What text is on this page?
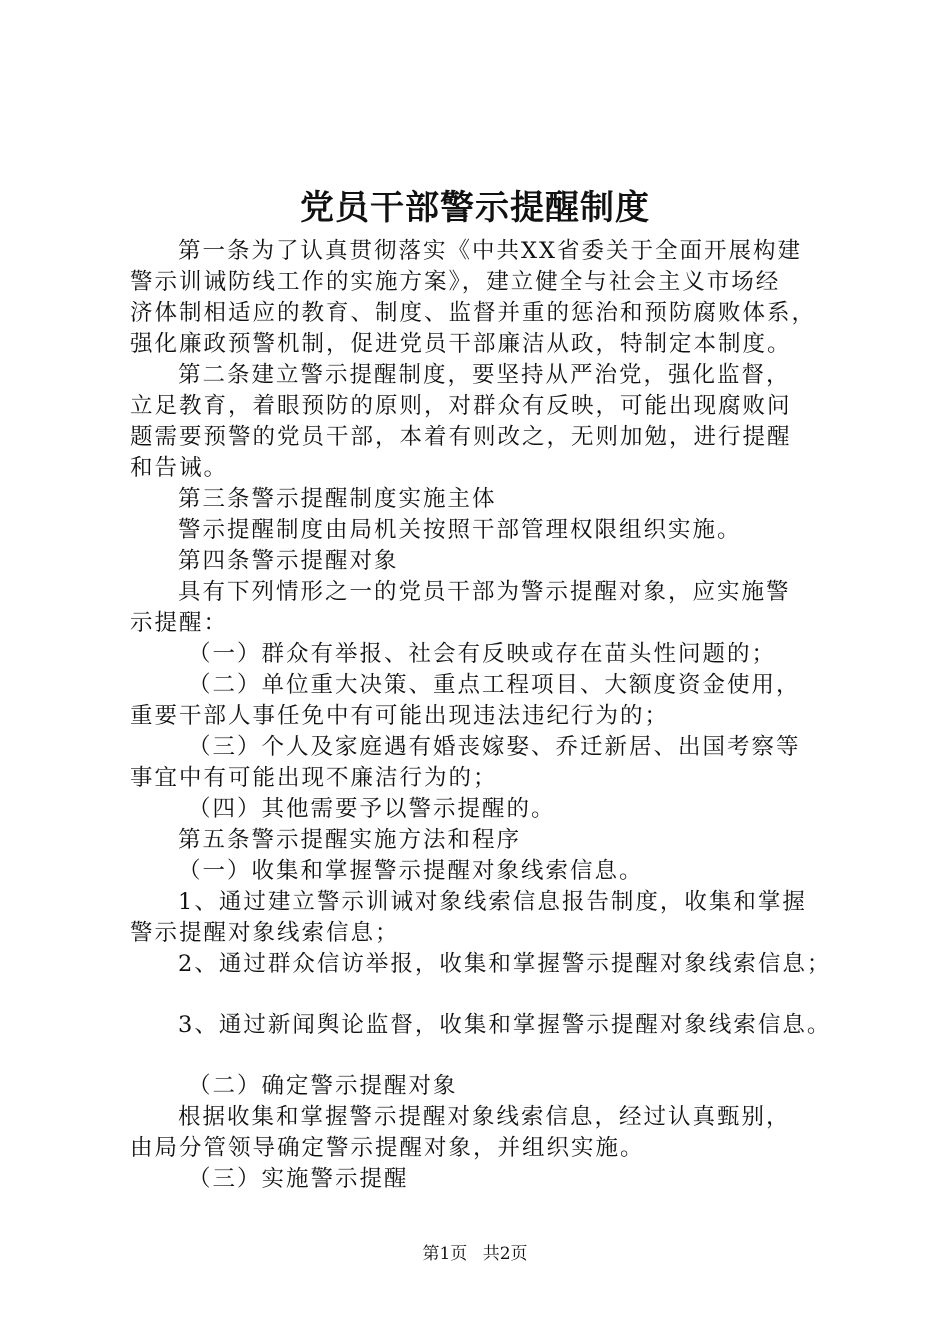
党员干部警示提醒制度
第一条为了认真贯彻落实《中共XX省委关于全面开展构建
警示训诫防线工作的实施方案》，建立健全与社会主义市场经
济体制相适应的教育、制度、监督并重的惩治和预防腐败体系，
强化廉政预警机制，促进党员干部廉洁从政，特制定本制度。
第二条建立警示提醒制度，要坚持从严治党，强化监督，
立足教育，着眼预防的原则，对群众有反映，可能出现腐败问
题需要预警的党员干部，本着有则改之，无则加勉，进行提醒
和告诫。
第三条警示提醒制度实施主体
警示提醒制度由局机关按照干部管理权限组织实施。
第四条警示提醒对象
具有下列情形之一的党员干部为警示提醒对象，应实施警
示提醒：
（一）群众有举报、社会有反映或存在苗头性问题的；
（二）单位重大决策、重点工程项目、大额度资金使用，
重要干部人事任免中有可能出现违法违纪行为的；
（三）个人及家庭遇有婚丧嫁娶、乔迁新居、出国考察等
事宜中有可能出现不廉洁行为的；
（四）其他需要予以警示提醒的。
第五条警示提醒实施方法和程序
（一）收集和掌握警示提醒对象线索信息。
1、通过建立警示训诫对象线索信息报告制度，收集和掌握
警示提醒对象线索信息；
2、通过群众信访举报，收集和掌握警示提醒对象线索信息；
3、通过新闻舆论监督，收集和掌握警示提醒对象线索信息。
（二）确定警示提醒对象
根据收集和掌握警示提醒对象线索信息，经过认真甄别，
由局分管领导确定警示提醒对象，并组织实施。
（三）实施警示提醒
第1页 共2页
